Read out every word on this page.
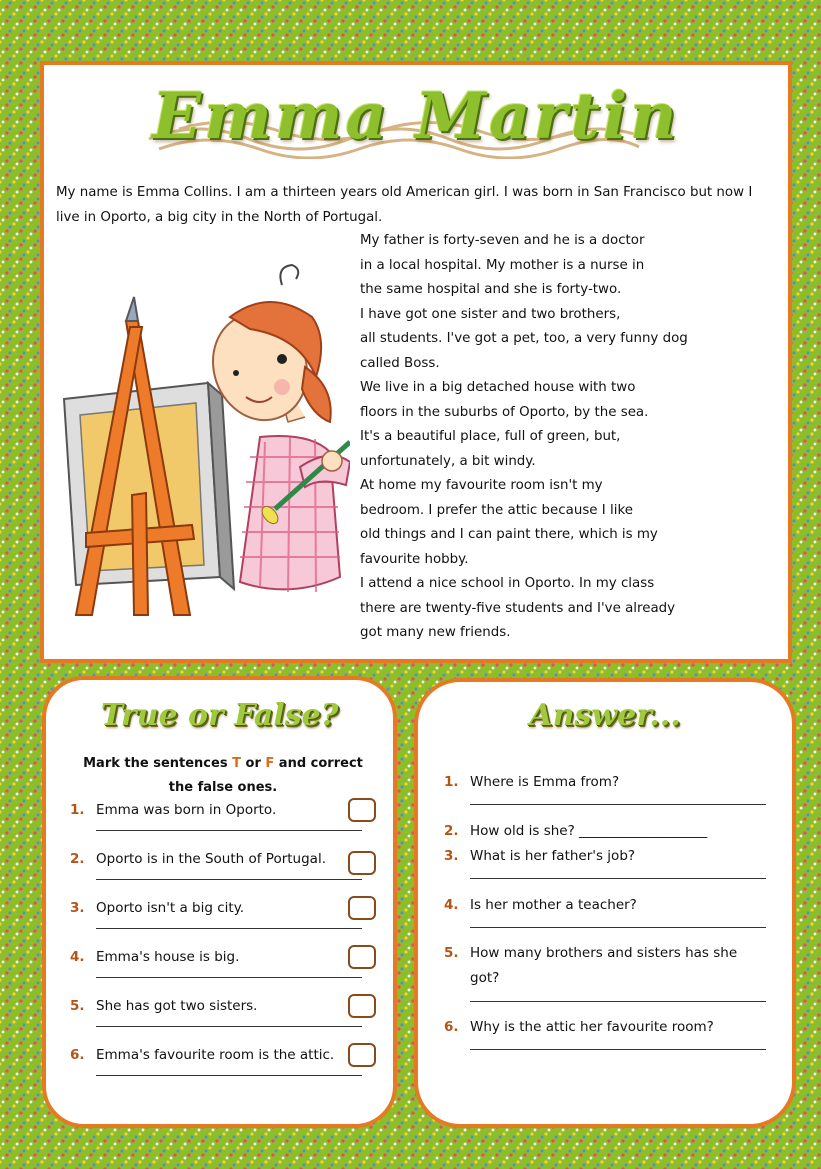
Emma Martin
My name is Emma Collins. I am a thirteen years old American girl. I was born in San Francisco but now I live in Oporto, a big city in the North of Portugal.
My father is forty-seven and he is a doctor
in a local hospital. My mother is a nurse in
the same hospital and she is forty-two.
I have got one sister and two brothers,
all students. I've got a pet, too, a very funny dog
called Boss.
We live in a big detached house with two
floors in the suburbs of Oporto, by the sea.
It's a beautiful place, full of green, but,
unfortunately, a bit windy.
At home my favourite room isn't my
bedroom. I prefer the attic because I like
old things and I can paint there, which is my
favourite hobby.
I attend a nice school in Oporto. In my class
there are twenty-five students and I've already
got many new friends.
True or False?
Mark the sentences T or F and correct the false ones.
1. Emma was born in Oporto.
2. Oporto is in the South of Portugal.
3. Oporto isn't a big city.
4. Emma's house is big.
5. She has got two sisters.
6. Emma's favourite room is the attic.
Answer...
1. Where is Emma from?
2. How old is she? ___________________
3. What is her father's job?
4. Is her mother a teacher?
5. How many brothers and sisters has she got?
6. Why is the attic her favourite room?
